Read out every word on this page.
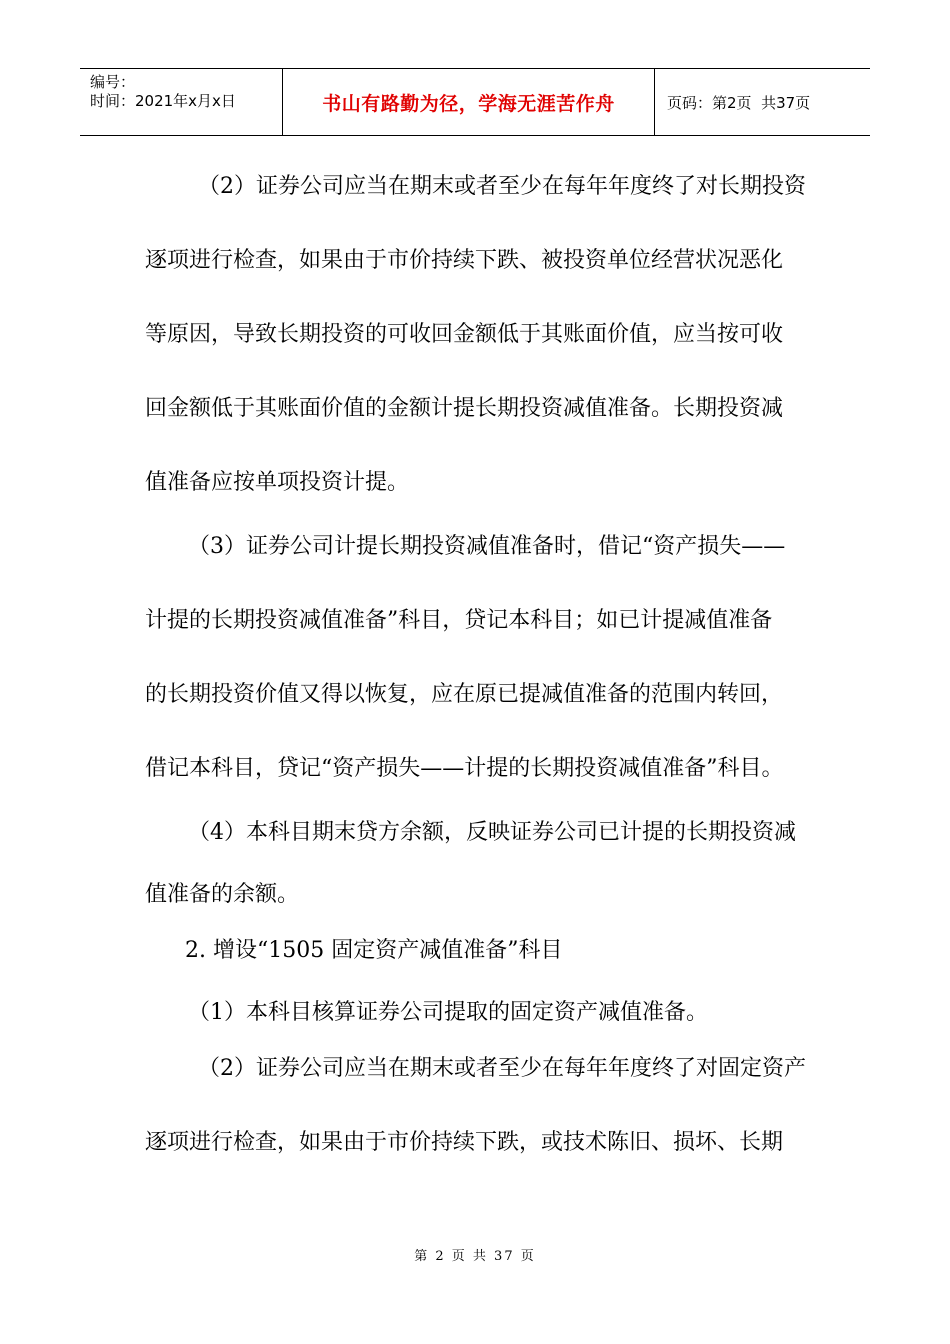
编号：
时间：2021年x月x日	书山有路勤为径，学海无涯苦作舟	页码：第2页  共37页
（2）证券公司应当在期末或者至少在每年年度终了对长期投资
逐项进行检查，如果由于市价持续下跌、被投资单位经营状况恶化
等原因，导致长期投资的可收回金额低于其账面价值，应当按可收
回金额低于其账面价值的金额计提长期投资减值准备。长期投资减
值准备应按单项投资计提。
（3）证券公司计提长期投资减值准备时，借记“资产损失——
计提的长期投资减值准备”科目，贷记本科目；如已计提减值准备
的长期投资价值又得以恢复，应在原已提减值准备的范围内转回，
借记本科目，贷记“资产损失——计提的长期投资减值准备”科目。
（4）本科目期末贷方余额，反映证券公司已计提的长期投资减
值准备的余额。
2. 增设“1505 固定资产减值准备”科目
（1）本科目核算证券公司提取的固定资产减值准备。
（2）证券公司应当在期末或者至少在每年年度终了对固定资产
逐项进行检查，如果由于市价持续下跌，或技术陈旧、损坏、长期
第 2 页 共 37 页
